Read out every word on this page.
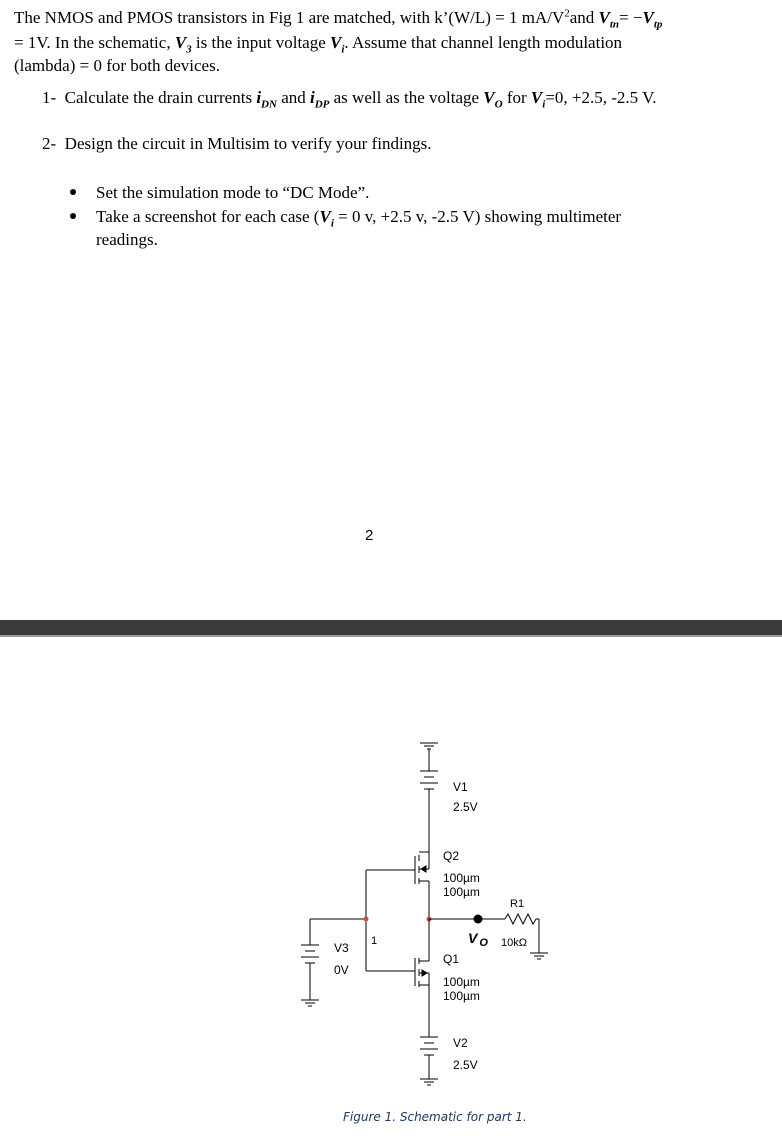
The NMOS and PMOS transistors in Fig 1 are matched, with k’(W/L) = 1 $mA/V^2and$ $V_{tn}= -V_{tp}$
= 1V. In the schematic, $V_3$ is the input voltage $V_i$. Assume that channel length modulation
(lambda) = 0 for both devices.
1- Calculate the drain currents $i_{DN}$ and $i_{DP}$ as well as the voltage $V_O$ for $V_i=0$, +2.5, -2.5 V.
2- Design the circuit in Multisim to verify your findings.
Set the simulation mode to “DC Mode”.
Take a screenshot for each case ($V_i = 0$ v, +2.5 v, -2.5 V) showing multimeter
readings.
2
V1
2.5V
Q2
100µm
100µm
R1
10kΩ
V $_O$
1
V3
0V
Q1
100µm
100µm
V2
2.5V
Figure 1. Schematic for part 1.
